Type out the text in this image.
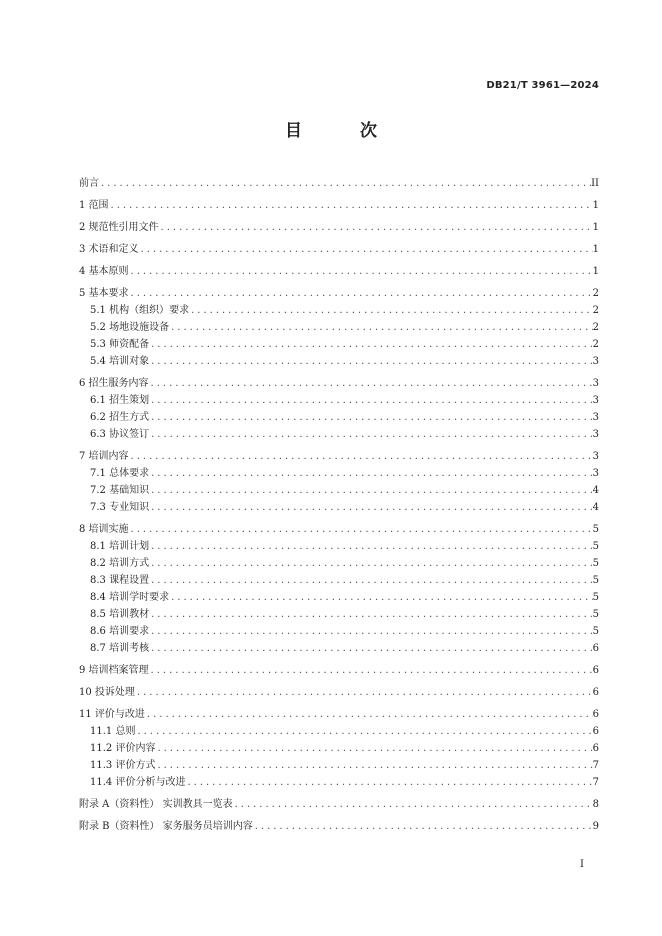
DB21/T 3961—2024
目 次
前言 .....	II
1 范围 .....	1
2 规范性引用文件 .....	1
3 术语和定义 .....	1
4 基本原则 .....	1
5 基本要求 .....	2
5.1 机构（组织）要求 .....	2
5.2 场地设施设备 .....	2
5.3 师资配备 .....	2
5.4 培训对象 .....	3
6 招生服务内容 .....	3
6.1 招生策划 .....	3
6.2 招生方式 .....	3
6.3 协议签订 .....	3
7 培训内容 .....	3
7.1 总体要求 .....	3
7.2 基础知识 .....	4
7.3 专业知识 .....	4
8 培训实施 .....	5
8.1 培训计划 .....	5
8.2 培训方式 .....	5
8.3 课程设置 .....	5
8.4 培训学时要求 .....	5
8.5 培训教材 .....	5
8.6 培训要求 .....	5
8.7 培训考核 .....	6
9 培训档案管理 .....	6
10 投诉处理 .....	6
11 评价与改进 .....	6
11.1 总则 .....	6
11.2 评价内容 .....	6
11.3 评价方式 .....	7
11.4 评价分析与改进 .....	7
附录 A（资料性） 实训教具一览表 .....	8
附录 B（资料性） 家务服务员培训内容 .....	9
I
